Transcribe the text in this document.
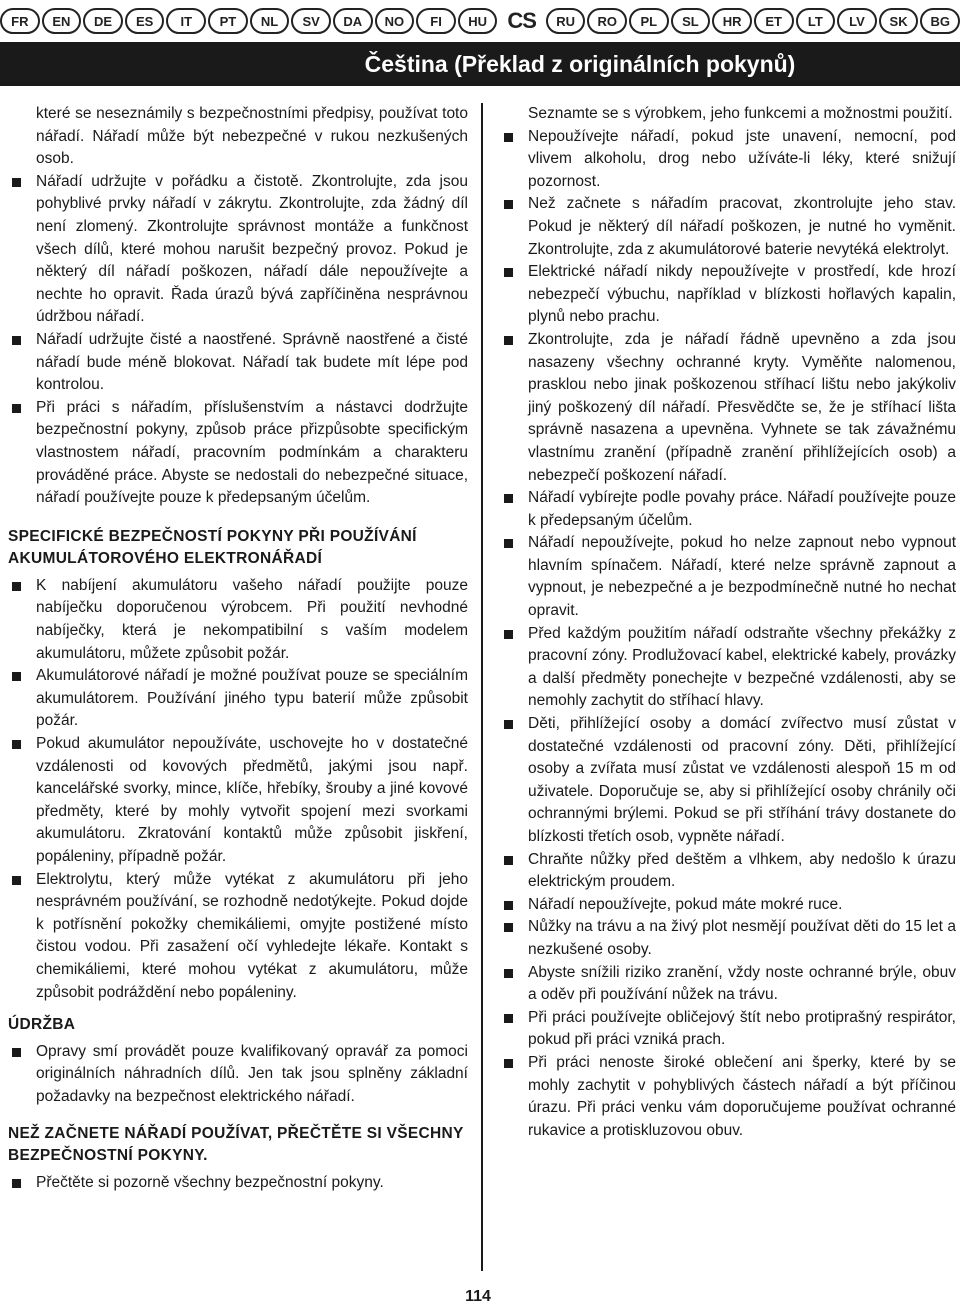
FR	EN	DE	ES	IT	PT	NL	SV	DA	NO	FI	HU CS	RU	RO	PL	SL	HR	ET	LT	LV	SK	BG
Čeština (Překlad z originálních pokynů)

které se neseznámily s bezpečnostními předpisy, používat toto nářadí. Nářadí může být nebezpečné v rukou nezkušených osob.

Nářadí udržujte v pořádku a čistotě. Zkontrolujte, zda jsou pohyblivé prvky nářadí v zákrytu. Zkontrolujte, zda žádný díl není zlomený. Zkontrolujte správnost montáže a funkčnost všech dílů, které mohou narušit bezpečný provoz. Pokud je některý díl nářadí poškozen, nářadí dále nepoužívejte a nechte ho opravit. Řada úrazů bývá zapříčiněna nesprávnou údržbou nářadí.

Nářadí udržujte čisté a naostřené. Správně naostřené a čisté nářadí bude méně blokovat. Nářadí tak budete mít lépe pod kontrolou.

Při práci s nářadím, příslušenstvím a nástavci dodržujte bezpečnostní pokyny, způsob práce přizpůsobte specifickým vlastnostem nářadí, pracovním podmínkám a charakteru prováděné práce. Abyste se nedostali do nebezpečné situace, nářadí používejte pouze k předepsaným účelům.

SPECIFICKÉ BEZPEČNOSTÍ POKYNY PŘI POUŽÍVÁNÍ AKUMULÁTOROVÉHO ELEKTRONÁŘADÍ

K nabíjení akumulátoru vašeho nářadí použijte pouze nabíječku doporučenou výrobcem. Při použití nevhodné nabíječky, která je nekompatibilní s vaším modelem akumulátoru, můžete způsobit požár.

Akumulátorové nářadí je možné používat pouze se speciálním akumulátorem. Používání jiného typu baterií může způsobit požár.

Pokud akumulátor nepoužíváte, uschovejte ho v dostatečné vzdálenosti od kovových předmětů, jakými jsou např. kancelářské svorky, mince, klíče, hřebíky, šrouby a jiné kovové předměty, které by mohly vytvořit spojení mezi svorkami akumulátoru. Zkratování kontaktů může způsobit jiskření, popáleniny, případně požár.

Elektrolytu, který může vytékat z akumulátoru při jeho nesprávném používání, se rozhodně nedotýkejte. Pokud dojde k potřísnění pokožky chemikáliemi, omyjte postižené místo čistou vodou. Při zasažení očí vyhledejte lékaře. Kontakt s chemikáliemi, které mohou vytékat z akumulátoru, může způsobit podráždění nebo popáleniny.

ÚDRŽBA

Opravy smí provádět pouze kvalifikovaný opravář za pomoci originálních náhradních dílů. Jen tak jsou splněny základní požadavky na bezpečnost elektrického nářadí.

NEŽ ZAČNETE NÁŘADÍ POUŽÍVAT, PŘEČTĚTE SI VŠECHNY BEZPEČNOSTNÍ POKYNY.

Přečtěte si pozorně všechny bezpečnostní pokyny.

Seznamte se s výrobkem, jeho funkcemi a možnostmi použití.

Nepoužívejte nářadí, pokud jste unavení, nemocní, pod vlivem alkoholu, drog nebo užíváte-li léky, které snižují pozornost.

Než začnete s nářadím pracovat, zkontrolujte jeho stav. Pokud je některý díl nářadí poškozen, je nutné ho vyměnit. Zkontrolujte, zda z akumulátorové baterie nevytéká elektrolyt.

Elektrické nářadí nikdy nepoužívejte v prostředí, kde hrozí nebezpečí výbuchu, například v blízkosti hořlavých kapalin, plynů nebo prachu.

Zkontrolujte, zda je nářadí řádně upevněno a zda jsou nasazeny všechny ochranné kryty. Vyměňte nalomenou, prasklou nebo jinak poškozenou stříhací lištu nebo jakýkoliv jiný poškozený díl nářadí. Přesvědčte se, že je stříhací lišta správně nasazena a upevněna. Vyhnete se tak závažnému vlastnímu zranění (případně zranění přihlížejících osob) a nebezpečí poškození nářadí.

Nářadí vybírejte podle povahy práce. Nářadí používejte pouze k předepsaným účelům.

Nářadí nepoužívejte, pokud ho nelze zapnout nebo vypnout hlavním spínačem. Nářadí, které nelze správně zapnout a vypnout, je nebezpečné a je bezpodmínečně nutné ho nechat opravit.

Před každým použitím nářadí odstraňte všechny překážky z pracovní zóny. Prodlužovací kabel, elektrické kabely, provázky a další předměty ponechejte v bezpečné vzdálenosti, aby se nemohly zachytit do stříhací hlavy.

Děti, přihlížející osoby a domácí zvířectvo musí zůstat v dostatečné vzdálenosti od pracovní zóny. Děti, přihlížející osoby a zvířata musí zůstat ve vzdálenosti alespoň 15 m od uživatele. Doporučuje se, aby si přihlížející osoby chránily oči ochrannými brýlemi. Pokud se při stříhání trávy dostanete do blízkosti třetích osob, vypněte nářadí.

Chraňte nůžky před deštěm a vlhkem, aby nedošlo k úrazu elektrickým proudem.

Nářadí nepoužívejte, pokud máte mokré ruce.

Nůžky na trávu a na živý plot nesmějí používat děti do 15 let a nezkušené osoby.

Abyste snížili riziko zranění, vždy noste ochranné brýle, obuv a oděv při používání nůžek na trávu.

Při práci používejte obličejový štít nebo protiprašný respirátor, pokud při práci vzniká prach.

Při práci nenoste široké oblečení ani šperky, které by se mohly zachytit v pohyblivých částech nářadí a být příčinou úrazu. Při práci venku vám doporučujeme používat ochranné rukavice a protiskluzovou obuv.

114
